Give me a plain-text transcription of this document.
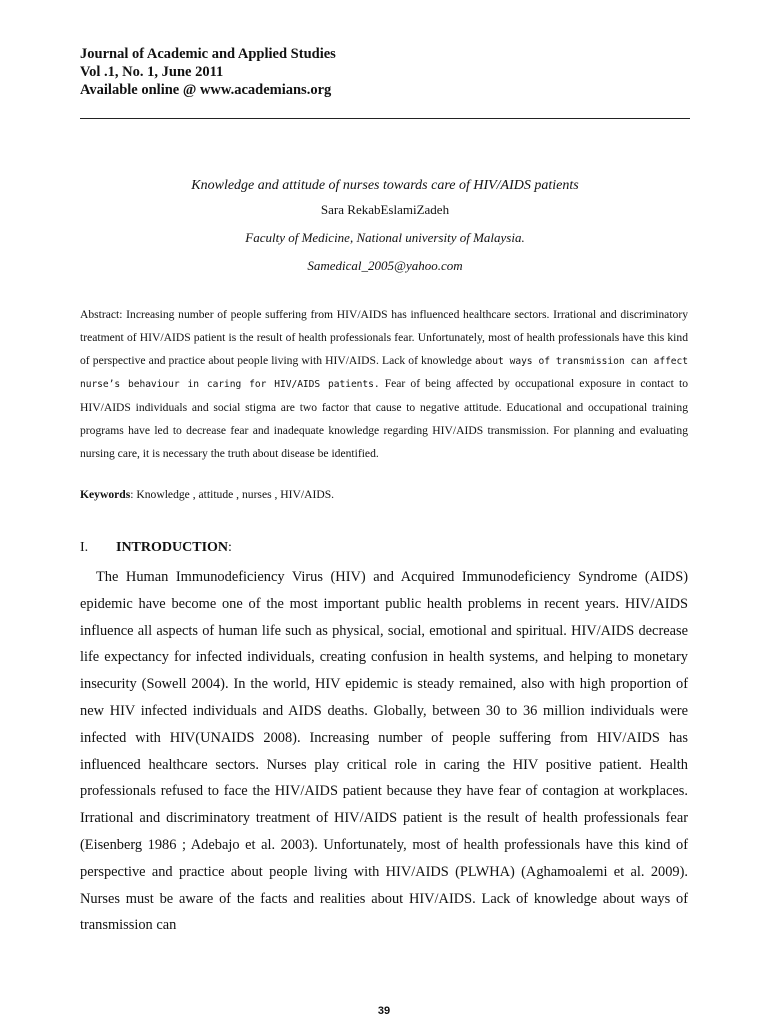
Journal of Academic and Applied Studies
Vol .1, No. 1, June 2011
Available online @ www.academians.org
Knowledge and attitude of nurses towards care of HIV/AIDS patients
Sara RekabEslamiZadeh
Faculty of Medicine, National university of Malaysia.
Samedical_2005@yahoo.com

Abstract: Increasing number of people suffering from HIV/AIDS has influenced healthcare sectors. Irrational and discriminatory treatment of HIV/AIDS patient is the result of health professionals fear. Unfortunately, most of health professionals have this kind of perspective and practice about people living with HIV/AIDS. Lack of knowledge about ways of transmission can affect nurse’s behaviour in caring for HIV/AIDS patients. Fear of being affected by occupational exposure in contact to HIV/AIDS individuals and social stigma are two factor that cause to negative attitude. Educational and occupational training programs have led to decrease fear and inadequate knowledge regarding HIV/AIDS transmission. For planning and evaluating nursing care, it is necessary the truth about disease be identified.

Keywords: Knowledge , attitude , nurses , HIV/AIDS.

I. INTRODUCTION:

The Human Immunodeficiency Virus (HIV) and Acquired Immunodeficiency Syndrome (AIDS) epidemic have become one of the most important public health problems in recent years. HIV/AIDS influence all aspects of human life such as physical, social, emotional and spiritual. HIV/AIDS decrease life expectancy for infected individuals, creating confusion in health systems, and helping to monetary insecurity (Sowell 2004). In the world, HIV epidemic is steady remained, also with high proportion of new HIV infected individuals and AIDS deaths. Globally, between 30 to 36 million individuals were infected with HIV(UNAIDS 2008). Increasing number of people suffering from HIV/AIDS has influenced healthcare sectors. Nurses play critical role in caring the HIV positive patient. Health professionals refused to face the HIV/AIDS patient because they have fear of contagion at workplaces. Irrational and discriminatory treatment of HIV/AIDS patient is the result of health professionals fear (Eisenberg 1986 ; Adebajo et al. 2003). Unfortunately, most of health professionals have this kind of perspective and practice about people living with HIV/AIDS (PLWHA) (Aghamoalemi et al. 2009). Nurses must be aware of the facts and realities about HIV/AIDS. Lack of knowledge about ways of transmission can

39
